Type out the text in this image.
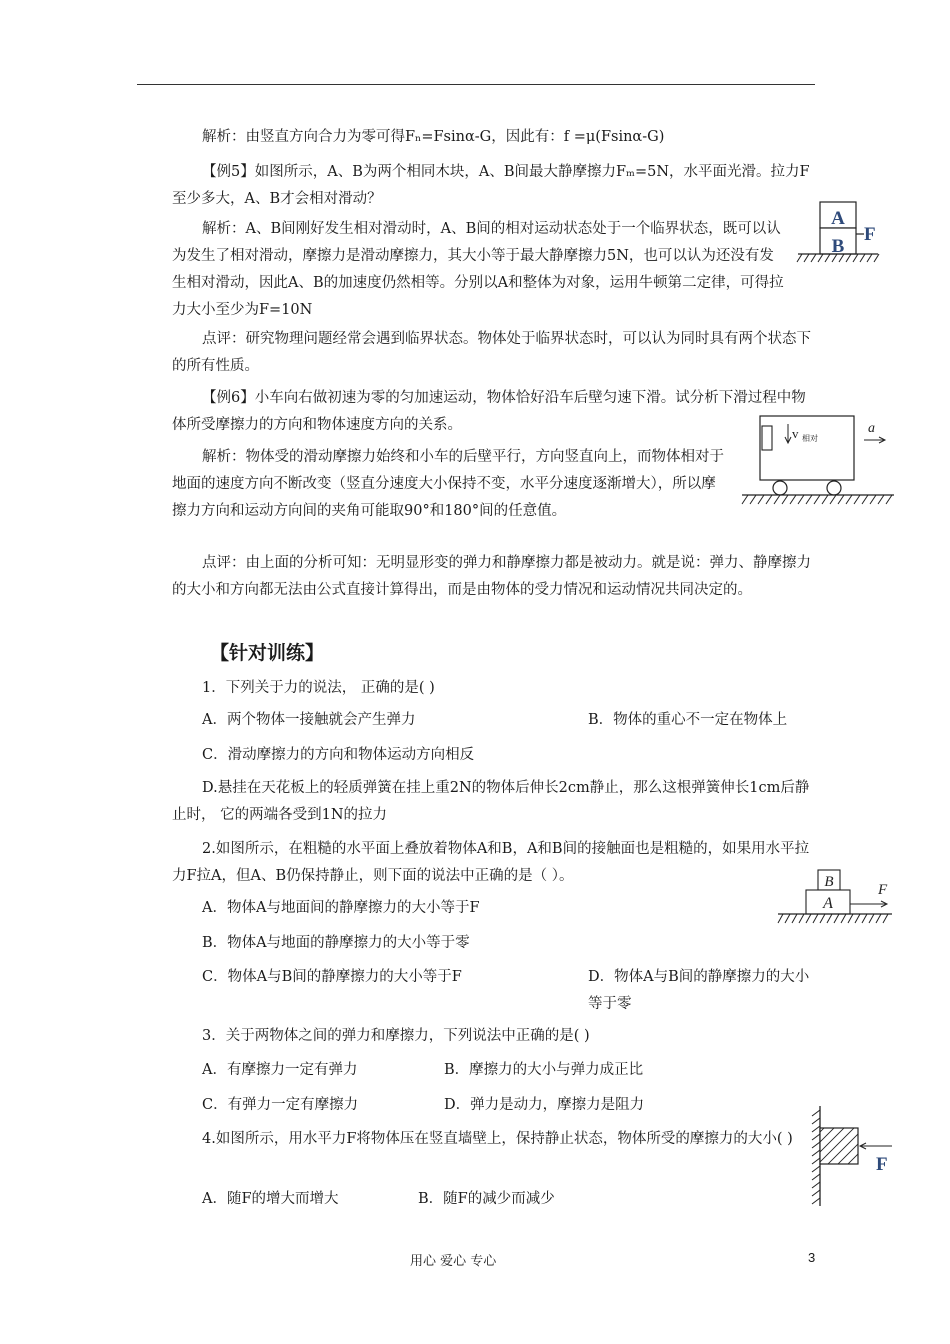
解析：由竖直方向合力为零可得Fₙ=Fsinα-G，因此有：f =μ(Fsinα-G)
【例5】如图所示，A、B为两个相同木块，A、B间最大静摩擦力Fₘ=5N，水平面光滑。拉力F至少多大，A、B才会相对滑动？
解析：A、B间刚好发生相对滑动时，A、B间的相对运动状态处于一个临界状态，既可以认为发生了相对滑动，摩擦力是滑动摩擦力，其大小等于最大静摩擦力5N，也可以认为还没有发生相对滑动，因此A、B的加速度仍然相等。分别以A和整体为对象，运用牛顿第二定律，可得拉力大小至少为F=10N
点评：研究物理问题经常会遇到临界状态。物体处于临界状态时，可以认为同时具有两个状态下的所有性质。
A
B
F
【例6】小车向右做初速为零的匀加速运动，物体恰好沿车后壁匀速下滑。试分析下滑过程中物体所受摩擦力的方向和物体速度方向的关系。
解析：物体受的滑动摩擦力始终和小车的后壁平行，方向竖直向上，而物体相对于地面的速度方向不断改变（竖直分速度大小保持不变，水平分速度逐渐增大），所以摩擦力方向和运动方向间的夹角可能取90°和180°间的任意值。
点评：由上面的分析可知：无明显形变的弹力和静摩擦力都是被动力。就是说：弹力、静摩擦力的大小和方向都无法由公式直接计算得出，而是由物体的受力情况和运动情况共同决定的。
v 相对
a
【针对训练】
1．下列关于力的说法， 正确的是( )
A．两个物体一接触就会产生弹力	B．物体的重心不一定在物体上
C．滑动摩擦力的方向和物体运动方向相反
D.悬挂在天花板上的轻质弹簧在挂上重2N的物体后伸长2cm静止，那么这根弹簧伸长1cm后静止时， 它的两端各受到1N的拉力
2.如图所示，在粗糙的水平面上叠放着物体A和B，A和B间的接触面也是粗糙的，如果用水平拉力F拉A，但A、B仍保持静止，则下面的说法中正确的是（ ）。
A．物体A与地面间的静摩擦力的大小等于F
B．物体A与地面的静摩擦力的大小等于零
C．物体A与B间的静摩擦力的大小等于F	D．物体A与B间的静摩擦力的大小等于零
B
A
F
3．关于两物体之间的弹力和摩擦力，下列说法中正确的是( )
A．有摩擦力一定有弹力	B．摩擦力的大小与弹力成正比
C．有弹力一定有摩擦力	D．弹力是动力，摩擦力是阻力
4.如图所示，用水平力F将物体压在竖直墙壁上，保持静止状态，物体所受的摩擦力的大小( )
A．随F的增大而增大	B．随F的减少而减少
F
用心 爱心 专心	3
